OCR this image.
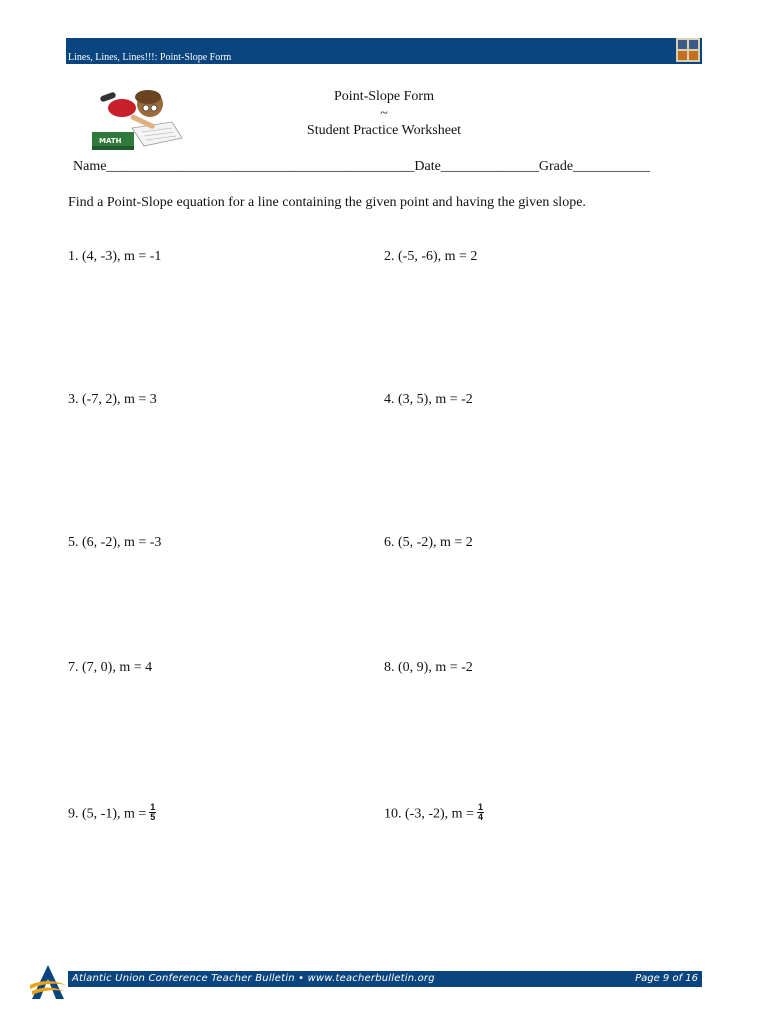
Lines, Lines, Lines!!!: Point-Slope Form
MATH
Point-Slope Form
~
Student Practice Worksheet
Name____________________________________________Date______________Grade___________
Find a Point-Slope equation for a line containing the given point and having the given slope.
1. (4, -3), m = -1	2. (-5, -6), m = 2
3. (-7, 2), m = 3	4. (3, 5), m = -2
5. (6, -2), m = -3	6. (5, -2), m = 2
7. (7, 0), m = 4	8. (0, 9), m = -2
9. (5, -1), $m = \frac{1}{5}$	10. (-3, -2), $m = \frac{1}{4}$
Atlantic Union Conference Teacher Bulletin • www.teacherbulletin.org	Page 9 of 16
